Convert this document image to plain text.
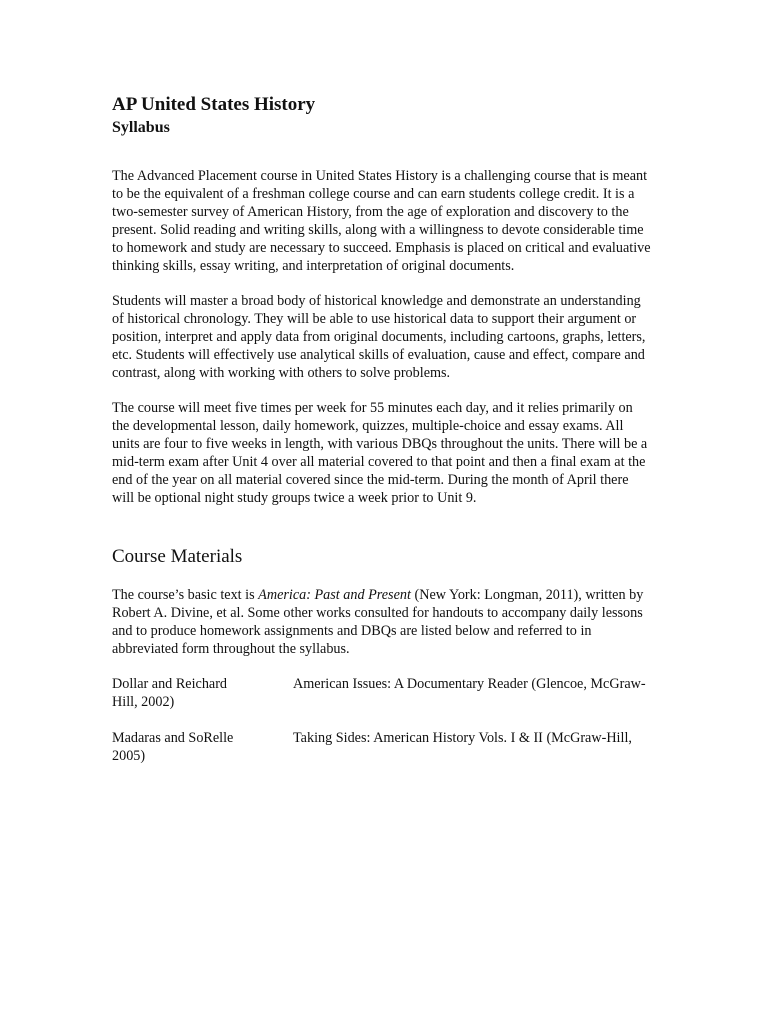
AP United States History
Syllabus

The Advanced Placement course in United States History is a challenging course that is meant to be the equivalent of a freshman college course and can earn students college credit. It is a two-semester survey of American History, from the age of exploration and discovery to the present. Solid reading and writing skills, along with a willingness to devote considerable time to homework and study are necessary to succeed. Emphasis is placed on critical and evaluative thinking skills, essay writing, and interpretation of original documents.

Students will master a broad body of historical knowledge and demonstrate an understanding of historical chronology. They will be able to use historical data to support their argument or position, interpret and apply data from original documents, including cartoons, graphs, letters, etc. Students will effectively use analytical skills of evaluation, cause and effect, compare and contrast, along with working with others to solve problems.

The course will meet five times per week for 55 minutes each day, and it relies primarily on the developmental lesson, daily homework, quizzes, multiple-choice and essay exams. All units are four to five weeks in length, with various DBQs throughout the units. There will be a mid-term exam after Unit 4 over all material covered to that point and then a final exam at the end of the year on all material covered since the mid-term. During the month of April there will be optional night study groups twice a week prior to Unit 9.

Course Materials

The course’s basic text is America: Past and Present (New York: Longman, 2011), written by Robert A. Divine, et al. Some other works consulted for handouts to accompany daily lessons and to produce homework assignments and DBQs are listed below and referred to in abbreviated form throughout the syllabus.

Dollar and Reichard	American Issues: A Documentary Reader (Glencoe, McGraw-Hill, 2002)
Madaras and SoRelle	Taking Sides: American History Vols. I & II (McGraw-Hill, 2005)
